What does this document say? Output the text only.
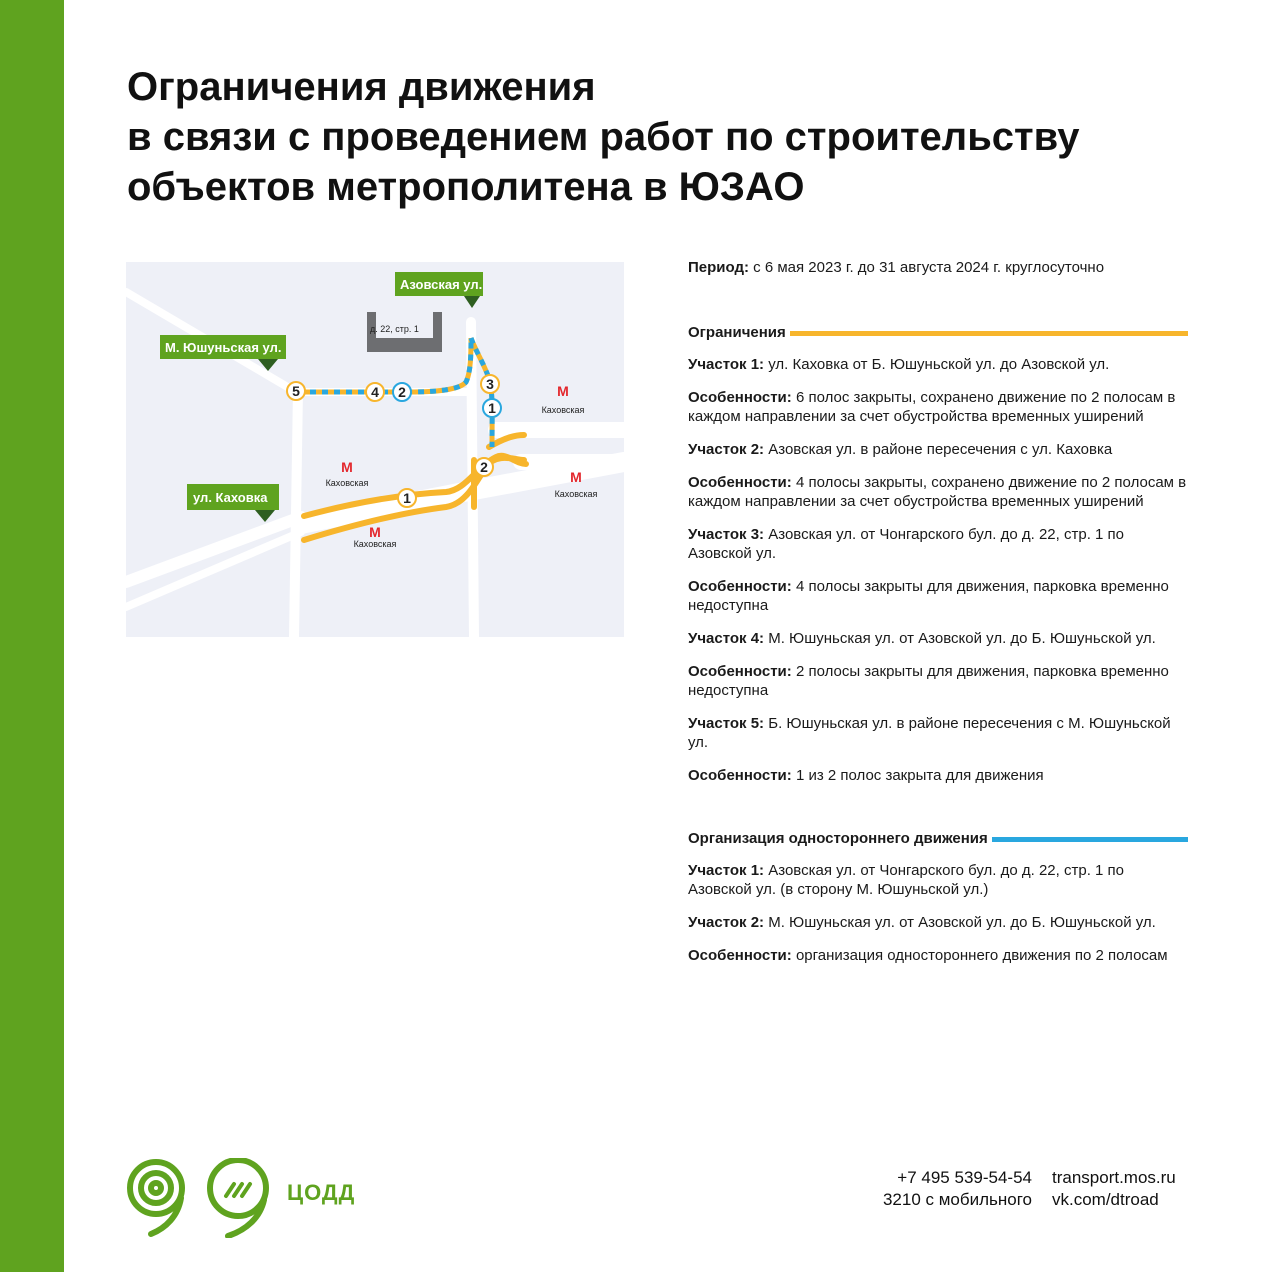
Ограничения движения
в связи с проведением работ по строительству
объектов метрополитена в ЮЗАО
д. 22, стр. 1
5	4 2	3
1
2
1
M
Каховская
M
Каховская	M
Каховская
M
Каховская
Азовская ул.
М. Юшуньская ул.
ул. Каховка
Период: с 6 мая 2023 г. до 31 августа 2024 г. круглосуточно
Ограничения
Участок 1: ул. Каховка от Б. Юшуньской ул. до Азовской ул.
Особенности: 6 полос закрыты, сохранено движение по 2 полосам в каждом направлении за счет обустройства временных уширений
Участок 2: Азовская ул. в районе пересечения с ул. Каховка
Особенности: 4 полосы закрыты, сохранено движение по 2 полосам в каждом направлении за счет обустройства временных уширений
Участок 3: Азовская ул. от Чонгарского бул. до д. 22, стр. 1 по Азовской ул.
Особенности: 4 полосы закрыты для движения, парковка временно недоступна
Участок 4: М. Юшуньская ул. от Азовской ул. до Б. Юшуньской ул.
Особенности: 2 полосы закрыты для движения, парковка временно недоступна
Участок 5: Б. Юшуньская ул. в районе пересечения с М. Юшуньской ул.
Особенности: 1 из 2 полос закрыта для движения
Организация одностороннего движения
Участок 1: Азовская ул. от Чонгарского бул. до д. 22, стр. 1 по Азовской ул. (в сторону М. Юшуньской ул.)
Участок 2: М. Юшуньская ул. от Азовской ул. до Б. Юшуньской ул.
Особенности: организация одностороннего движения по 2 полосам
ЦОДД
+7 495 539-54-54
3210 с мобильного
transport.mos.ru
vk.com/dtroad
